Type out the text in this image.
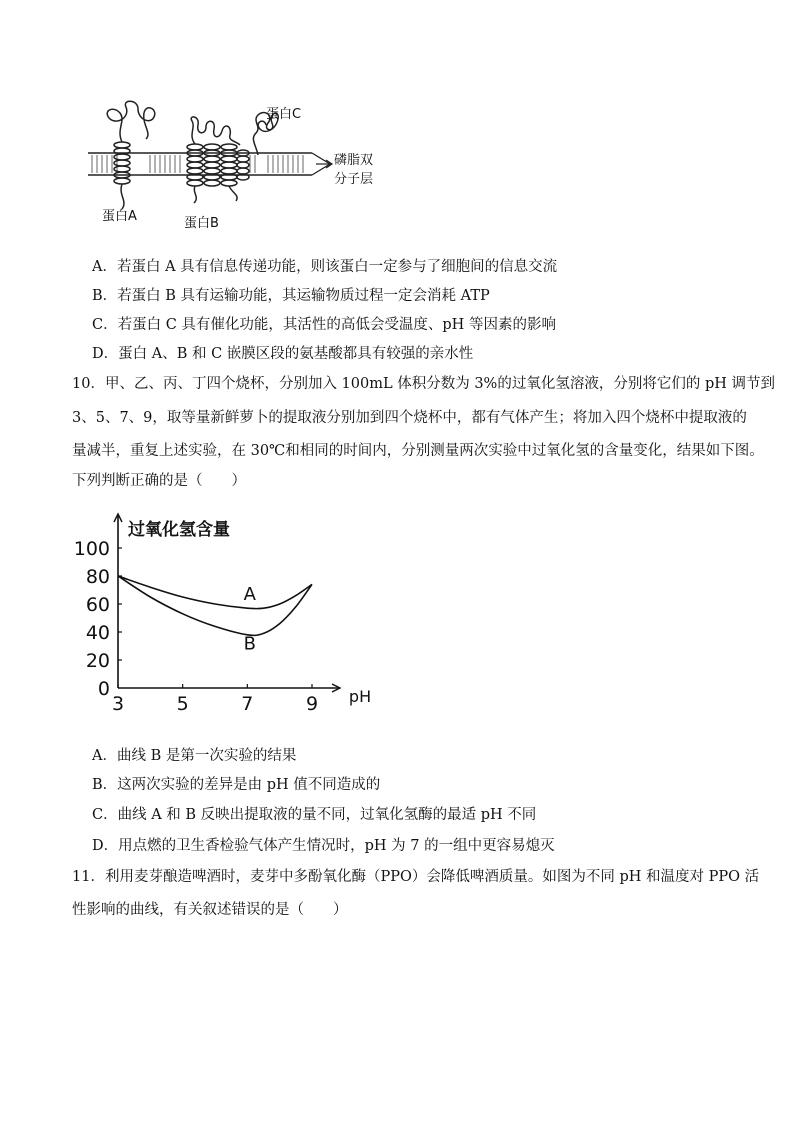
蛋白A	蛋白B
蛋白C
磷脂双
分子层
A．若蛋白 A 具有信息传递功能，则该蛋白一定参与了细胞间的信息交流
B．若蛋白 B 具有运输功能，其运输物质过程一定会消耗 ATP
C．若蛋白 C 具有催化功能，其活性的高低会受温度、pH 等因素的影响
D．蛋白 A、B 和 C 嵌膜区段的氨基酸都具有较强的亲水性
10．甲、乙、丙、丁四个烧杯，分别加入 100mL 体积分数为 3%的过氧化氢溶液，分别将它们的 pH 调节到
3、5、7、9，取等量新鲜萝卜的提取液分别加到四个烧杯中，都有气体产生；将加入四个烧杯中提取液的
量减半，重复上述实验，在 30℃和相同的时间内，分别测量两次实验中过氧化氢的含量变化，结果如下图。
下列判断正确的是（　　）
过氧化氢含量
0
20
40
60
80
100
3	5	7	9 pH
A
B
A．曲线 B 是第一次实验的结果
B．这两次实验的差异是由 pH 值不同造成的
C．曲线 A 和 B 反映出提取液的量不同，过氧化氢酶的最适 pH 不同
D．用点燃的卫生香检验气体产生情况时，pH 为 7 的一组中更容易熄灭
11．利用麦芽酿造啤酒时，麦芽中多酚氧化酶（PPO）会降低啤酒质量。如图为不同 pH 和温度对 PPO 活
性影响的曲线，有关叙述错误的是（　　）
